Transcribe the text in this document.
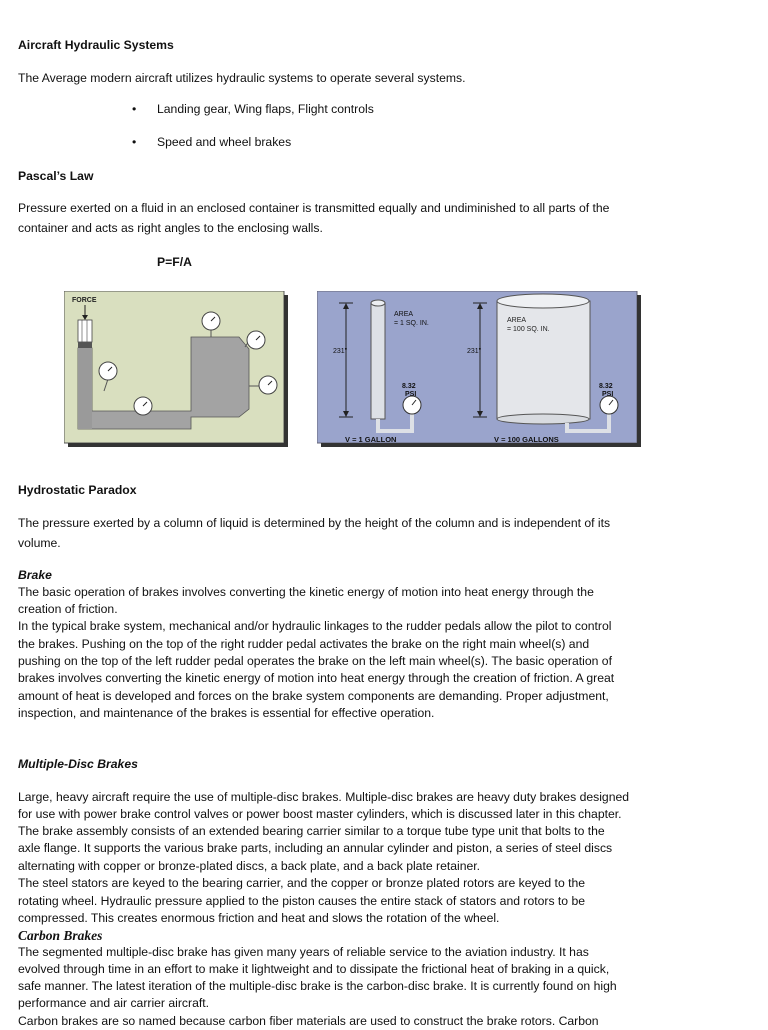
Aircraft Hydraulic Systems

The Average modern aircraft utilizes hydraulic systems to operate several systems.

• Landing gear, Wing flaps, Flight controls
• Speed and wheel brakes

Pascal’s Law

Pressure exerted on a fluid in an enclosed container is transmitted equally and undiminished to all parts of the

container and acts as right angles to the enclosing walls.

P=F/A

FORCE
231"
AREA
= 1 SQ. IN.
8.32
PSI
V = 1 GALLON
231"
AREA
= 100 SQ. IN.
8.32
PSI
V = 100 GALLONS

Hydrostatic Paradox

The pressure exerted by a column of liquid is determined by the height of the column and is independent of its

volume.

Brake

The basic operation of brakes involves converting the kinetic energy of motion into heat energy through the

creation of friction.

In the typical brake system, mechanical and/or hydraulic linkages to the rudder pedals allow the pilot to control

the brakes. Pushing on the top of the right rudder pedal activates the brake on the right main wheel(s) and

pushing on the top of the left rudder pedal operates the brake on the left main wheel(s). The basic operation of

brakes involves converting the kinetic energy of motion into heat energy through the creation of friction. A great

amount of heat is developed and forces on the brake system components are demanding. Proper adjustment,

inspection, and maintenance of the brakes is essential for effective operation.

Multiple-Disc Brakes

Large, heavy aircraft require the use of multiple-disc brakes. Multiple-disc brakes are heavy duty brakes designed

for use with power brake control valves or power boost master cylinders, which is discussed later in this chapter.

The brake assembly consists of an extended bearing carrier similar to a torque tube type unit that bolts to the

axle flange. It supports the various brake parts, including an annular cylinder and piston, a series of steel discs

alternating with copper or bronze-plated discs, a back plate, and a back plate retainer.

The steel stators are keyed to the bearing carrier, and the copper or bronze plated rotors are keyed to the

rotating wheel. Hydraulic pressure applied to the piston causes the entire stack of stators and rotors to be

compressed. This creates enormous friction and heat and slows the rotation of the wheel.

Carbon Brakes

The segmented multiple-disc brake has given many years of reliable service to the aviation industry. It has

evolved through time in an effort to make it lightweight and to dissipate the frictional heat of braking in a quick,

safe manner. The latest iteration of the multiple-disc brake is the carbon-disc brake. It is currently found on high

performance and air carrier aircraft.

Carbon brakes are so named because carbon fiber materials are used to construct the brake rotors. Carbon
